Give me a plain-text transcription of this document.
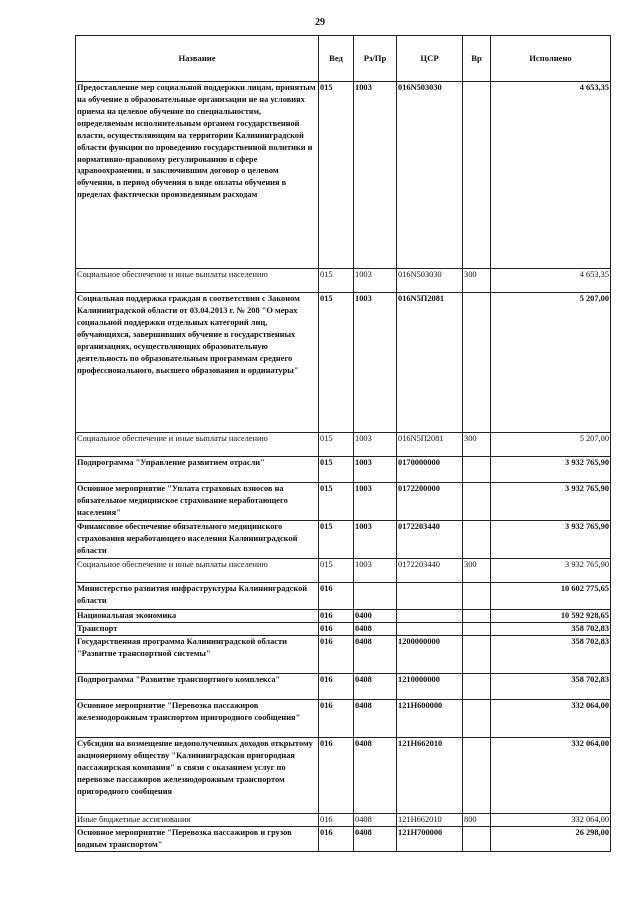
29
Название	Вед	Рз/Пр	ЦСР	Вр	Исполнено
Предоставление мер социальной поддержки лицам, принятым на обучение в образовательные организации не на условиях приема на целевое обучение по специальностям, определяемым исполнительным органом государственной власти, осуществляющим на территории Калининградской области функции по проведению государственной политики и нормативно-правовому регулированию в сфере здравоохранения, и заключившим договор о целевом обучении, в период обучения в виде оплаты обучения в пределах фактически произведенным расходам	015	1003	016N503030		4 653,35
Социальное обеспечение и иные выплаты населению	015	1003	016N503030	300	4 653,35
Социальная поддержка граждан в соответствии с Законом Калининградской области от 03.04.2013 г. № 208 "О мерах социальной поддержки отдельных категорий лиц, обучающихся, завершивших обучение в государственных организациях, осуществляющих образовательную деятельность по образовательным программам среднего профессионального, высшего образования и ординатуры"	015	1003	016N5П2081		5 207,00
Социальное обеспечение и иные выплаты населению	015	1003	016N5П2081	300	5 207,00
Подпрограмма "Управление развитием отрасли"	015	1003	0170000000		3 932 765,90
Основное мероприятие "Уплата страховых взносов на обязательное медицинское страхование неработающего населения"	015	1003	0172200000		3 932 765,90
Финансовое обеспечение обязательного медицинского страхования неработающего населения Калининградской области	015	1003	0172203440		3 932 765,90
Социальное обеспечение и иные выплаты населению	015	1003	0172203440	300	3 932 765,90
Министерство развития инфраструктуры Калининградской области	016				10 602 775,65
Национальная экономика	016	0400			10 592 928,65
Транспорт	016	0408			358 702,83
Государственная программа Калининградской области "Развитие транспортной системы"	016	0408	1200000000		358 702,83
Подпрограмма "Развитие транспортного комплекса"	016	0408	1210000000		358 702,83
Основное мероприятие "Перевозка пассажиров железнодорожным транспортом пригородного сообщения"	016	0408	121H600000		332 064,00
Субсидии на возмещение недополученных доходов открытому акционерному обществу "Калининградская пригородная пассажирская компания" в связи с оказанием услуг по перевозке пассажиров железнодорожным транспортом пригородного сообщения	016	0408	121H662010		332 064,00
Иные бюджетные ассигнования	016	0408	121H662010	800	332 064,00
Основное мероприятие "Перевозка пассажиров и грузов водным транспортом"	016	0408	121H700000		26 298,00
